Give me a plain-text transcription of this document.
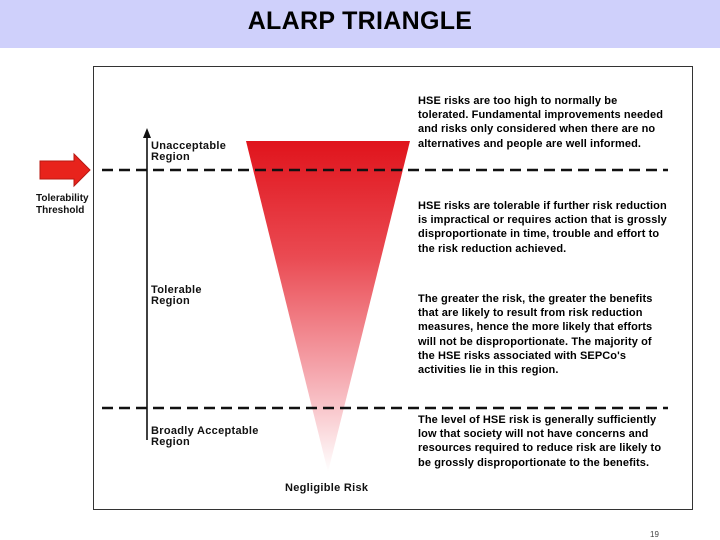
ALARP TRIANGLE
Tolerability
Threshold
Unacceptable
Region
Tolerable
Region
Broadly Acceptable
Region
Negligible Risk
HSE risks are too high to normally be tolerated. Fundamental improvements needed and risks only considered when there are no alternatives and people are well informed.
HSE risks are tolerable if further risk reduction is impractical or requires action that is grossly disproportionate in time, trouble and effort to the risk reduction achieved.
The greater the risk, the greater the benefits that are likely to result from risk reduction measures, hence the more likely that efforts will not be disproportionate. The majority of the HSE risks associated with SEPCo's activities lie in this region.
The level of HSE risk is generally sufficiently low that society will not have concerns and resources required to reduce risk are likely to be grossly disproportionate to the benefits.
19
